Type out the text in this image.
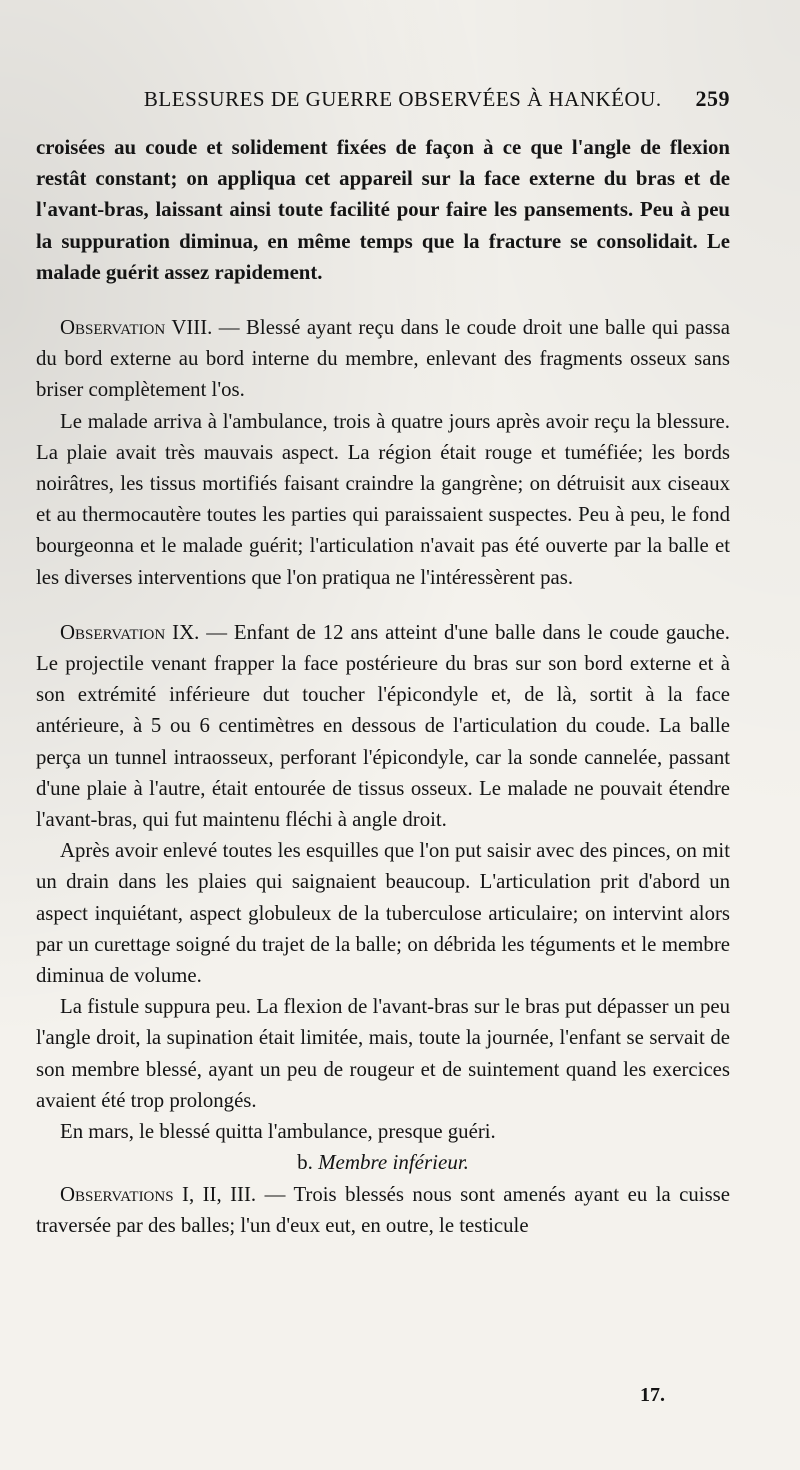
BLESSURES DE GUERRE OBSERVÉES À HANKÉOU.	259

croisées au coude et solidement fixées de façon à ce que l'angle de flexion restât constant; on appliqua cet appareil sur la face externe du bras et de l'avant-bras, laissant ainsi toute facilité pour faire les pansements. Peu à peu la suppuration diminua, en même temps que la fracture se consolidait. Le malade guérit assez rapidement.

Observation VIII. — Blessé ayant reçu dans le coude droit une balle qui passa du bord externe au bord interne du membre, enlevant des fragments osseux sans briser complètement l'os.

Le malade arriva à l'ambulance, trois à quatre jours après avoir reçu la blessure. La plaie avait très mauvais aspect. La région était rouge et tuméfiée; les bords noirâtres, les tissus mortifiés faisant craindre la gangrène; on détruisit aux ciseaux et au thermocautère toutes les parties qui paraissaient suspectes. Peu à peu, le fond bourgeonna et le malade guérit; l'articulation n'avait pas été ouverte par la balle et les diverses interventions que l'on pratiqua ne l'intéressèrent pas.

Observation IX. — Enfant de 12 ans atteint d'une balle dans le coude gauche. Le projectile venant frapper la face postérieure du bras sur son bord externe et à son extrémité inférieure dut toucher l'épicondyle et, de là, sortit à la face antérieure, à 5 ou 6 centimètres en dessous de l'articulation du coude. La balle perça un tunnel intraosseux, perforant l'épicondyle, car la sonde cannelée, passant d'une plaie à l'autre, était entourée de tissus osseux. Le malade ne pouvait étendre l'avant-bras, qui fut maintenu fléchi à angle droit.

Après avoir enlevé toutes les esquilles que l'on put saisir avec des pinces, on mit un drain dans les plaies qui saignaient beaucoup. L'articulation prit d'abord un aspect inquiétant, aspect globuleux de la tuberculose articulaire; on intervint alors par un curettage soigné du trajet de la balle; on débrida les téguments et le membre diminua de volume.

La fistule suppura peu. La flexion de l'avant-bras sur le bras put dépasser un peu l'angle droit, la supination était limitée, mais, toute la journée, l'enfant se servait de son membre blessé, ayant un peu de rougeur et de suintement quand les exercices avaient été trop prolongés.

En mars, le blessé quitta l'ambulance, presque guéri.

b. Membre inférieur.

Observations I, II, III. — Trois blessés nous sont amenés ayant eu la cuisse traversée par des balles; l'un d'eux eut, en outre, le testicule

17.
